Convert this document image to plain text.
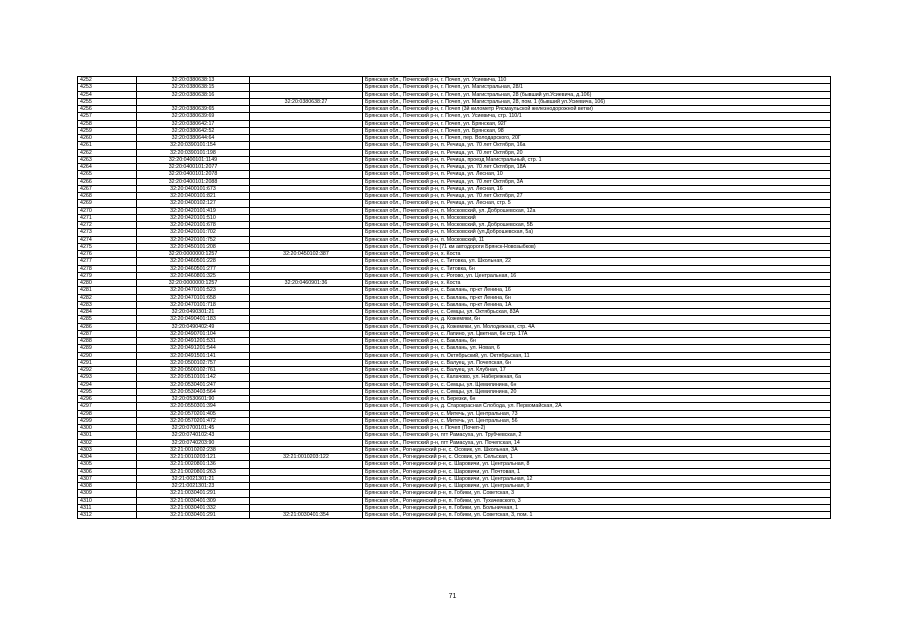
4252	32:20:0380638:13		Брянская обл., Почепский р-н, г. Почеп, ул. Усиевича, 110
4253	32:20:0380638:15		Брянская обл., Почепский р-н, г. Почеп, ул. Магистральная, 28/1
4254	32:20:0380638:16		Брянская обл., Почепский р-н, г. Почеп, ул. Магистральная, 28 (бывший ул.Усиевича, д.106)
4255		32:20:0380638:27	Брянская обл., Почепский р-н, г. Почеп, ул. Магистральная, 28, пом. 1 (бывший ул.Усиевича, 106)
4256	32:20:0380639:65		Брянская обл., Почепский р-н, г. Почеп (3й километр Рясмаульской железнодорожной ветки)
4257	32:20:0380639:69		Брянская обл., Почепский р-н, г. Почеп, ул. Усиевича, стр. 110/1
4258	32:20:0380642:17		Брянская обл., Почепский р-н, г. Почеп, ул. Брянская, 92Г
4259	32:20:0380642:52		Брянская обл., Почепский р-н, г. Почеп, ул. Брянская, 98
4260	32:20:0380644:64		Брянская обл., Почепский р-н, г. Почеп, пер. Володарского, 20Г
4261	32:20:0390101:154		Брянская обл., Почепский р-н, п. Речица, ул. 70 лет Октября, 16а
4262	32:20:0390101:198		Брянская обл., Почепский р-н, п. Речица, ул. 70 лет Октября, 20
4263	32:20:0400101:1149		Брянская обл., Почепский р-н, п. Речица, проезд Магистральный, стр. 1
4264	32:20:0400101:2077		Брянская обл., Почепский р-н, п. Речица, ул. 70 лет Октября, 18А
4265	32:20:0400101:2078		Брянская обл., Почепский р-н, п. Речица, ул. Лесная, 10
4266	32:20:0400101:2088		Брянская обл., Почепский р-н, п. Речица, ул. 70 лет Октября, 3А
4267	32:20:0400101:673		Брянская обл., Почепский р-н, п. Речица, ул. Лесная, 16
4268	32:20:0400101:821		Брянская обл., Почепский р-н, п. Речица, ул. 70 лет Октября, 27
4269	32:20:0400102:127		Брянская обл., Почепский р-н, п. Речица, ул. Лесная, стр. 5
4270	32:20:0420101:419		Брянская обл., Почепский р-н, п. Московский, ул. Доброшевская, 12а
4271	32:20:0420101:510		Брянская обл., Почепский р-н, п. Московский
4272	32:20:0420101:678		Брянская обл., Почепский р-н, п. Московский, ул. Доброшевская, 5Б
4273	32:20:0420101:702		Брянская обл., Почепский р-н, п. Московский (ул.Доброшевская, 5а)
4274	32:20:0420101:752		Брянская обл., Почепский р-н, п. Московский, 11
4275	32:20:0450101:208		Брянская обл., Почепский р-н (71 км автодороги Брянск-Новозыбков)
4276	32:20:0000000:1257	32:20:0450102:387	Брянская обл., Почепский р-н, х. Коста
4277	32:20:0460501:228		Брянская обл., Почепский р-н, с. Титовка, ул. Школьная, 22
4278	32:20:0460501:277		Брянская обл., Почепский р-н, с. Титовка, 6н
4279	32:20:0460801:325		Брянская обл., Почепский р-н, с. Рогово, ул. Центральная, 16
4280	32:20:0000000:1257	32:20:0460901:36	Брянская обл., Почепский р-н, х. Коста
4281	32:20:0470101:523		Брянская обл., Почепский р-н, с. Баклань, пр-кт Ленина, 16
4282	32:20:0470101:658		Брянская обл., Почепский р-н, с. Баклань, пр-кт Ленина, 6н
4283	32:20:0470101:718		Брянская обл., Почепский р-н, с. Баклань, пр-кт Ленина, 1А
4284	32:20:0490301:21		Брянская обл., Почепский р-н, с. Семцы, ул. Октябрьская, 83А
4285	32:20:0490401:183		Брянская обл., Почепский р-н, д. Кожемяки, 6н
4286	32:20:0490402:49		Брянская обл., Почепский р-н, д. Кожемяки, ул. Молодежная, стр. 4А
4287	32:20:0490701:104		Брянская обл., Почепский р-н, с. Лапино, ул. Цветная, 6н стр. 17А
4288	32:20:0491201:531		Брянская обл., Почепский р-н, с. Баклань, 6н
4289	32:20:0491201:544		Брянская обл., Почепский р-н, с. Баклань, ул. Новая, 6
4290	32:20:0491501:141		Брянская обл., Почепский р-н, п. Октябрьский, ул. Октябрьская, 11
4291	32:20:0500102:757		Брянская обл., Почепский р-н, с. Валуец, ул. Почепская, 6н
4292	32:20:0500102:761		Брянская обл., Почепский р-н, с. Валуец, ул. Клубная, 17
4293	32:20:0510101:142		Брянская обл., Почепский р-н, с. Калачово, ул. Набережная, 6а
4294	32:20:0530401:247		Брянская обл., Почепский р-н, с. Семцы, ул. Щемилинина, 6н
4295	32:20:0530403:564		Брянская обл., Почепский р-н, с. Семцы, ул. Щемилинина, 20
4296	32:20:0530601:90		Брянская обл., Почепский р-н, п. Березки, 6н
4297	32:20:0550301:394		Брянская обл., Почепский р-н, д. Старокрасная Слобода, ул. Первомайская, 2А
4298	32:20:0570201:405		Брянская обл., Почепский р-н, с. Митечь, ул. Центральная, 73
4299	32:20:0570201:472		Брянская обл., Почепский р-н, с. Митечь, ул. Центральная, 56
4300	32:20:0700101:45		Брянская обл., Почепский р-н, г. Почеп (Почеп-2)
4301	32:20:0740102:43		Брянская обл., Почепский р-н, пгт Рамасуха, ул. Трубчевская, 2
4302	32:20:0740203:90		Брянская обл., Почепский р-н, пгт Рамасуха, ул. Почепская, 14
4303	32:21:0010202:238		Брянская обл., Рогнединский р-н, с. Осовик, ул. Школьная, 3А
4304	32:21:0010203:121	32:21:0010203:122	Брянская обл., Рогнединский р-н, с. Осовик, ул. Сельская, 1
4305	32:21:0020801:136		Брянская обл., Рогнединский р-н, с. Шаровичи, ул. Центральная, 8
4306	32:21:0020801:263		Брянская обл., Рогнединский р-н, с. Шаровичи, ул. Почтовая, 1
4307	32:21:0021301:21		Брянская обл., Рогнединский р-н, с. Шаровичи, ул. Центральная, 12
4308	32:21:0021301:23		Брянская обл., Рогнединский р-н, с. Шаровичи, ул. Центральная, 9
4309	32:21:0030401:291		Брянская обл., Рогнединский р-н, п. Гобики, ул. Советская, 3
4310	32:21:0030401:309		Брянская обл., Рогнединский р-н, п. Гобики, ул. Тухачевского, 3
4311	32:21:0030401:332		Брянская обл., Рогнединский р-н, п. Гобики, ул. Больничная, 1
4312	32:21:0030401:291	32:21:0030401:354	Брянская обл., Рогнединский р-н, п. Гобики, ул. Советская, 3, пом. 1
71
